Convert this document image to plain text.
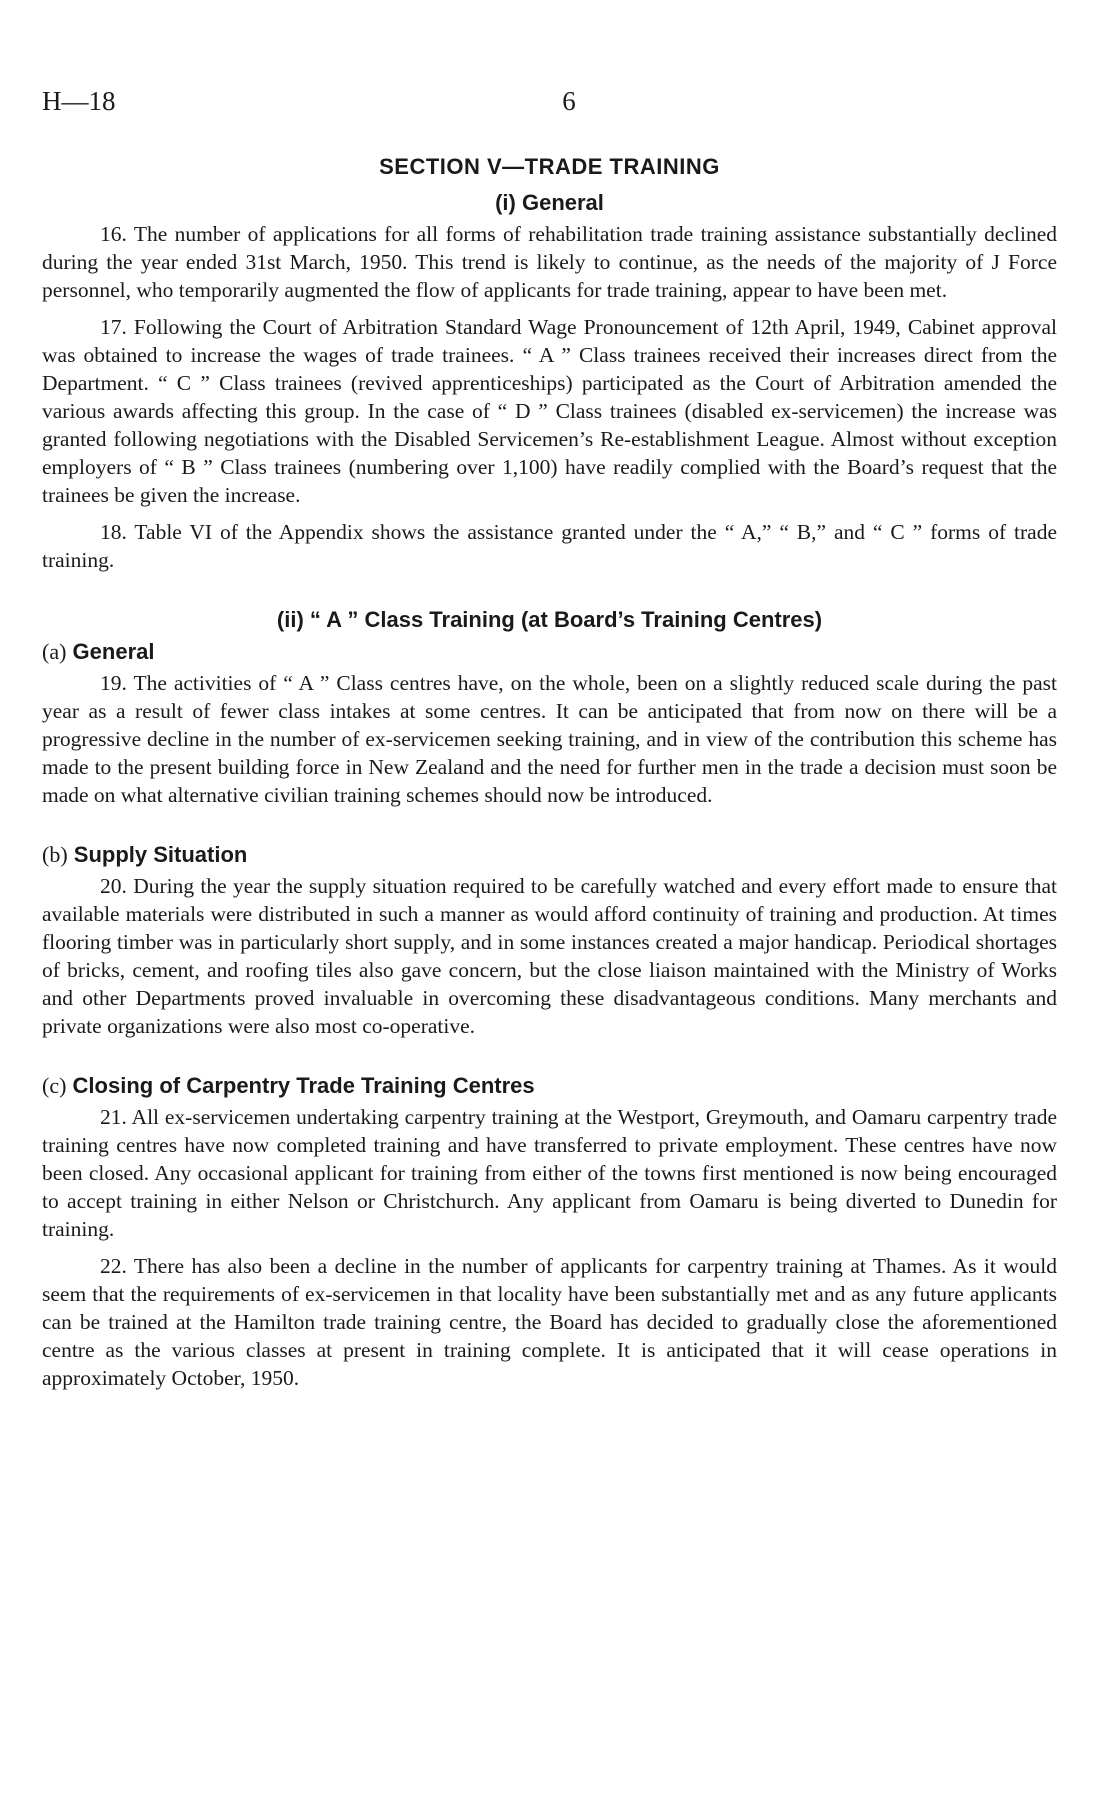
H—18	6
SECTION V—TRADE TRAINING
(i) General

16. The number of applications for all forms of rehabilitation trade training assistance substantially declined during the year ended 31st March, 1950. This trend is likely to continue, as the needs of the majority of J Force personnel, who temporarily augmented the flow of applicants for trade training, appear to have been met.

17. Following the Court of Arbitration Standard Wage Pronouncement of 12th April, 1949, Cabinet approval was obtained to increase the wages of trade trainees. “ A ” Class trainees received their increases direct from the Department. “ C ” Class trainees (revived apprenticeships) participated as the Court of Arbitration amended the various awards affecting this group. In the case of “ D ” Class trainees (disabled ex-servicemen) the increase was granted following negotiations with the Disabled Servicemen’s Re-establishment League. Almost without exception employers of “ B ” Class trainees (numbering over 1,100) have readily complied with the Board’s request that the trainees be given the increase.

18. Table VI of the Appendix shows the assistance granted under the “ A,” “ B,” and “ C ” forms of trade training.

(ii) “ A ” Class Training (at Board’s Training Centres)
(a) General

19. The activities of “ A ” Class centres have, on the whole, been on a slightly reduced scale during the past year as a result of fewer class intakes at some centres. It can be anticipated that from now on there will be a progressive decline in the number of ex-servicemen seeking training, and in view of the contribution this scheme has made to the present building force in New Zealand and the need for further men in the trade a decision must soon be made on what alternative civilian training schemes should now be introduced.

(b) Supply Situation

20. During the year the supply situation required to be carefully watched and every effort made to ensure that available materials were distributed in such a manner as would afford continuity of training and production. At times flooring timber was in particularly short supply, and in some instances created a major handicap. Periodical shortages of bricks, cement, and roofing tiles also gave concern, but the close liaison maintained with the Ministry of Works and other Departments proved invaluable in overcoming these disadvantageous conditions. Many merchants and private organizations were also most co-operative.

(c) Closing of Carpentry Trade Training Centres

21. All ex-servicemen undertaking carpentry training at the Westport, Greymouth, and Oamaru carpentry trade training centres have now completed training and have transferred to private employment. These centres have now been closed. Any occasional applicant for training from either of the towns first mentioned is now being encouraged to accept training in either Nelson or Christchurch. Any applicant from Oamaru is being diverted to Dunedin for training.

22. There has also been a decline in the number of applicants for carpentry training at Thames. As it would seem that the requirements of ex-servicemen in that locality have been substantially met and as any future applicants can be trained at the Hamilton trade training centre, the Board has decided to gradually close the aforementioned centre as the various classes at present in training complete. It is anticipated that it will cease operations in approximately October, 1950.
